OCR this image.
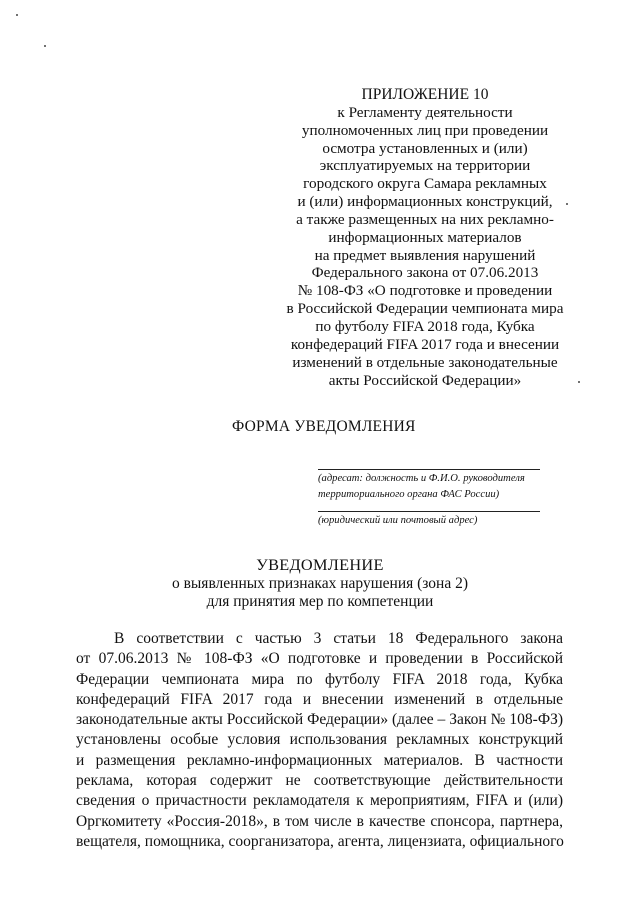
ПРИЛОЖЕНИЕ 10
к Регламенту деятельности
уполномоченных лиц при проведении
осмотра установленных и (или)
эксплуатируемых на территории
городского округа Самара рекламных
и (или) информационных конструкций,
а также размещенных на них рекламно-
информационных материалов
на предмет выявления нарушений
Федерального закона от 07.06.2013
№ 108-ФЗ «О подготовке и проведении
в Российской Федерации чемпионата мира
по футболу FIFA 2018 года, Кубка
конфедераций FIFA 2017 года и внесении
изменений в отдельные законодательные
акты Российской Федерации»
ФОРМА УВЕДОМЛЕНИЯ
(адресат: должность и Ф.И.О. руководителя
территориального органа ФАС России)
(юридический или почтовый адрес)
УВЕДОМЛЕНИЕ
о выявленных признаках нарушения (зона 2)
для принятия мер по компетенции
В соответствии с частью 3 статьи 18 Федерального закона
от 07.06.2013 № 108-ФЗ «О подготовке и проведении в Российской
Федерации чемпионата мира по футболу FIFA 2018 года, Кубка
конфедераций FIFA 2017 года и внесении изменений в отдельные
законодательные акты Российской Федерации» (далее – Закон № 108-ФЗ)
установлены особые условия использования рекламных конструкций
и размещения рекламно-информационных материалов. В частности
реклама, которая содержит не соответствующие действительности
сведения о причастности рекламодателя к мероприятиям, FIFA и (или)
Оргкомитету «Россия-2018», в том числе в качестве спонсора, партнера,
вещателя, помощника, соорганизатора, агента, лицензиата, официального
